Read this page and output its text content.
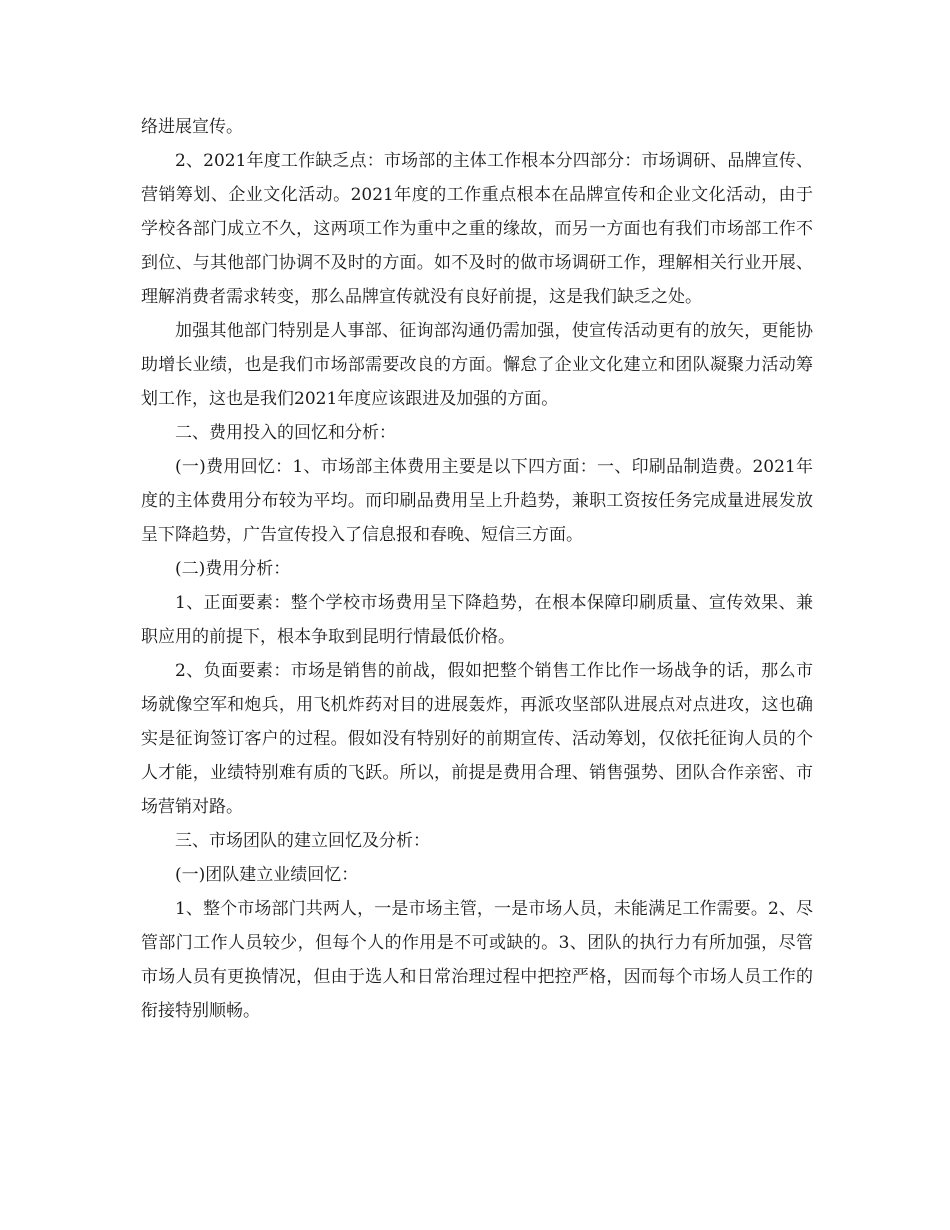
络进展宣传。

2、2021年度工作缺乏点：市场部的主体工作根本分四部分：市场调研、品牌宣传、营销筹划、企业文化活动。2021年度的工作重点根本在品牌宣传和企业文化活动，由于学校各部门成立不久，这两项工作为重中之重的缘故，而另一方面也有我们市场部工作不到位、与其他部门协调不及时的方面。如不及时的做市场调研工作，理解相关行业开展、理解消费者需求转变，那么品牌宣传就没有良好前提，这是我们缺乏之处。

加强其他部门特别是人事部、征询部沟通仍需加强，使宣传活动更有的放矢，更能协助增长业绩，也是我们市场部需要改良的方面。懈怠了企业文化建立和团队凝聚力活动筹划工作，这也是我们2021年度应该跟进及加强的方面。

二、费用投入的回忆和分析：

(一)费用回忆：1、市场部主体费用主要是以下四方面：一、印刷品制造费。2021年度的主体费用分布较为平均。而印刷品费用呈上升趋势，兼职工资按任务完成量进展发放呈下降趋势，广告宣传投入了信息报和春晚、短信三方面。

(二)费用分析：

1、正面要素：整个学校市场费用呈下降趋势，在根本保障印刷质量、宣传效果、兼职应用的前提下，根本争取到昆明行情最低价格。

2、负面要素：市场是销售的前战，假如把整个销售工作比作一场战争的话，那么市场就像空军和炮兵，用飞机炸药对目的进展轰炸，再派攻坚部队进展点对点进攻，这也确实是征询签订客户的过程。假如没有特别好的前期宣传、活动筹划，仅依托征询人员的个人才能，业绩特别难有质的飞跃。所以，前提是费用合理、销售强势、团队合作亲密、市场营销对路。

三、市场团队的建立回忆及分析：

(一)团队建立业绩回忆：

1、整个市场部门共两人，一是市场主管，一是市场人员，未能满足工作需要。2、尽管部门工作人员较少，但每个人的作用是不可或缺的。3、团队的执行力有所加强，尽管市场人员有更换情况，但由于选人和日常治理过程中把控严格，因而每个市场人员工作的衔接特别顺畅。
